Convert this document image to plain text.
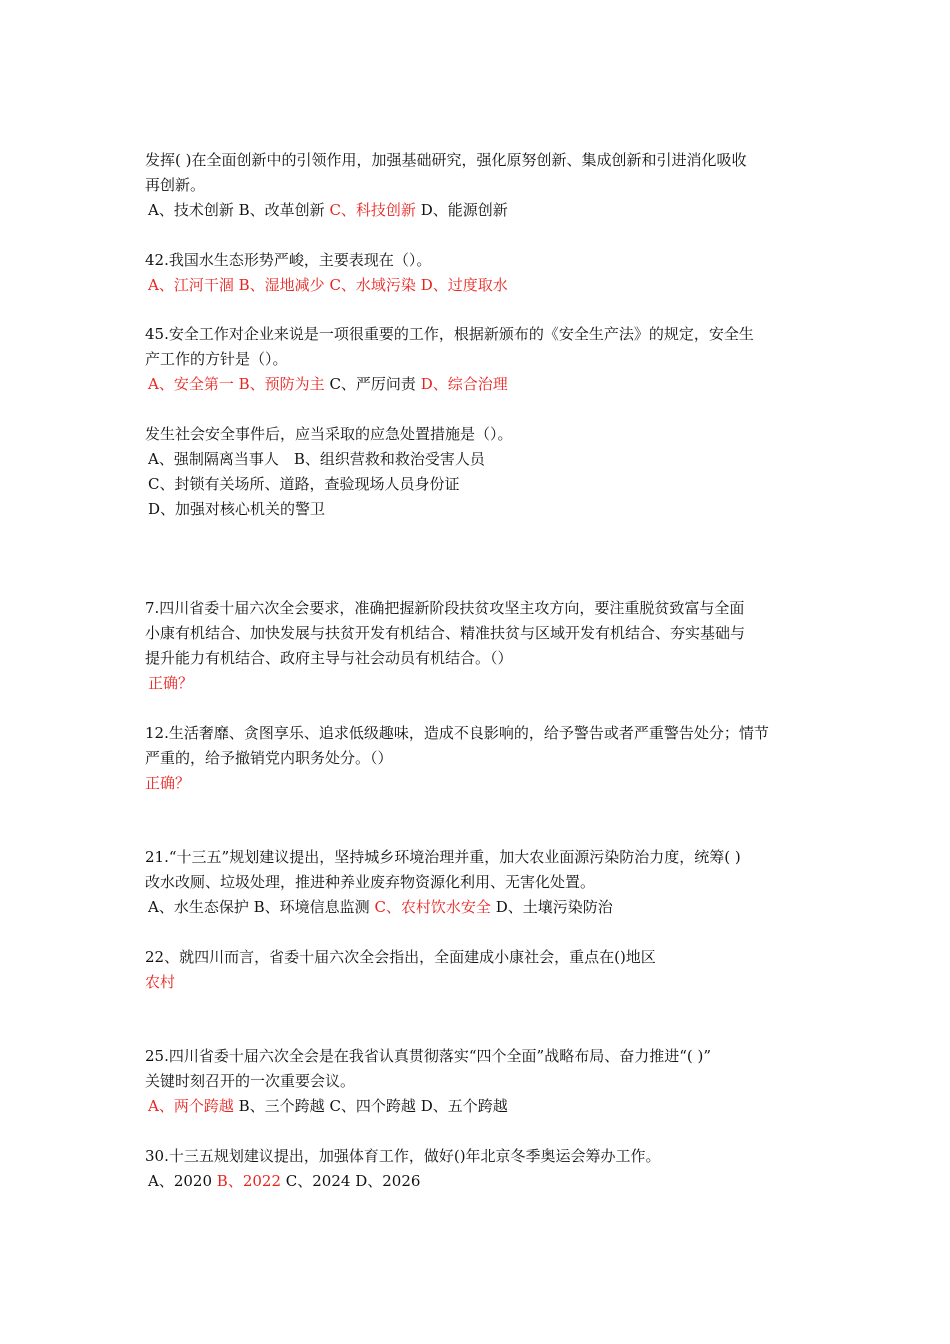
发挥( )在全面创新中的引领作用，加强基础研究，强化原努创新、集成创新和引进消化吸收
再创新。
A、技术创新 B、改革创新 C、科技创新 D、能源创新
42.我国水生态形势严峻，主要表现在（）。
A、江河干涸 B、湿地减少 C、水域污染 D、过度取水
45.安全工作对企业来说是一项很重要的工作，根据新颁布的《安全生产法》的规定，安全生
产工作的方针是（）。
A、安全第一 B、预防为主 C、严厉问责 D、综合治理
发生社会安全事件后，应当采取的应急处置措施是（）。
A、强制隔离当事人　B、组织营救和救治受害人员
C、封锁有关场所、道路，查验现场人员身份证
D、加强对核心机关的警卫
7.四川省委十届六次全会要求，准确把握新阶段扶贫攻坚主攻方向，要注重脱贫致富与全面
小康有机结合、加快发展与扶贫开发有机结合、精准扶贫与区域开发有机结合、夯实基础与
提升能力有机结合、政府主导与社会动员有机结合。（）
正确？
12.生活奢靡、贪图享乐、追求低级趣味，造成不良影响的，给予警告或者严重警告处分；情节
严重的，给予撤销党内职务处分。（）
正确？
21.“十三五”规划建议提出，坚持城乡环境治理并重，加大农业面源污染防治力度，统筹( )
改水改厕、垃圾处理，推进种养业废弃物资源化利用、无害化处置。
A、水生态保护 B、环境信息监测 C、农村饮水安全 D、土壤污染防治
22、就四川而言，省委十届六次全会指出，全面建成小康社会，重点在()地区
农村
25.四川省委十届六次全会是在我省认真贯彻落实“四个全面”战略布局、奋力推进“( )”
关键时刻召开的一次重要会议。
A、两个跨越 B、三个跨越 C、四个跨越 D、五个跨越
30.十三五规划建议提出，加强体育工作，做好()年北京冬季奥运会筹办工作。
A、2020 B、2022 C、2024 D、2026
